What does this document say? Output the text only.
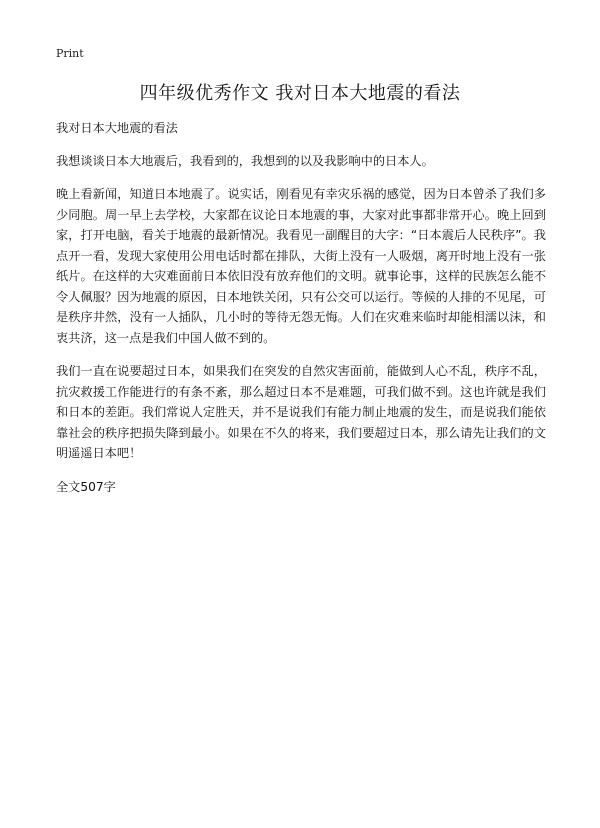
Print
四年级优秀作文 我对日本大地震的看法

我对日本大地震的看法

我想谈谈日本大地震后，我看到的，我想到的以及我影响中的日本人。

晚上看新闻，知道日本地震了。说实话，刚看见有幸灾乐祸的感觉，因为日本曾杀了我们多少同胞。周一早上去学校，大家都在议论日本地震的事，大家对此事都非常开心。晚上回到家，打开电脑，看关于地震的最新情况。我看见一副醒目的大字：“日本震后人民秩序”。我点开一看，发现大家使用公用电话时都在排队，大街上没有一人吸烟，离开时地上没有一张纸片。在这样的大灾难面前日本依旧没有放弃他们的文明。就事论事，这样的民族怎么能不令人佩服？因为地震的原因，日本地铁关闭，只有公交可以运行。等候的人排的不见尾，可是秩序井然，没有一人插队，几小时的等待无怨无悔。人们在灾难来临时却能相濡以沫，和衷共济，这一点是我们中国人做不到的。

我们一直在说要超过日本，如果我们在突发的自然灾害面前，能做到人心不乱，秩序不乱，抗灾救援工作能进行的有条不紊，那么超过日本不是难题，可我们做不到。这也许就是我们和日本的差距。我们常说人定胜天，并不是说我们有能力制止地震的发生，而是说我们能依靠社会的秩序把损失降到最小。如果在不久的将来，我们要超过日本，那么请先让我们的文明遥遥日本吧！

全文507字
